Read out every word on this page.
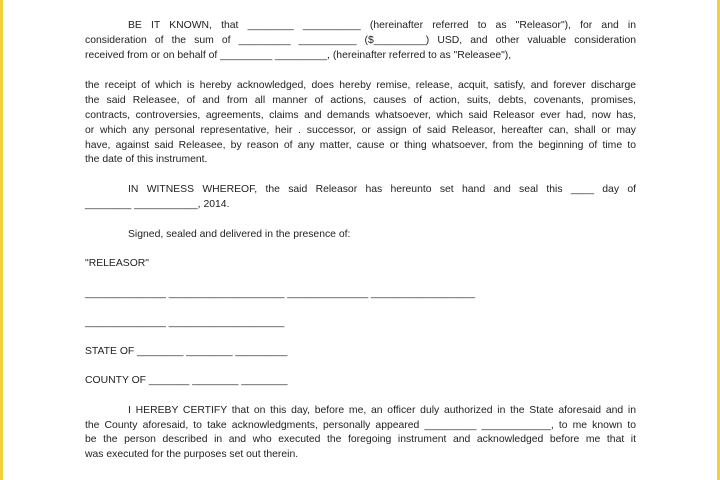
BE IT KNOWN, that ________ __________ (hereinafter referred to as "Releasor"), for and in
consideration of the sum of _________ __________ ($_________) USD, and other valuable consideration
received from or on behalf of _________ _________, (hereinafter referred to as "Releasee"),
the receipt of which is hereby acknowledged, does hereby remise, release, acquit, satisfy, and forever discharge
the said Releasee, of and from all manner of actions, causes of action, suits, debts, covenants, promises,
contracts, controversies, agreements, claims and demands whatsoever, which said Releasor ever had, now has,
or which any personal representative, heir . successor, or assign of said Releasor, hereafter can, shall or may
have, against said Releasee, by reason of any matter, cause or thing whatsoever, from the beginning of time to
the date of this instrument.
IN WITNESS WHEREOF, the said Releasor has hereunto set hand and seal this ____ day of
________ ___________, 2014.
Signed, sealed and delivered in the presence of:
"RELEASOR"
______________ ____________________ ______________ __________________
______________ ____________________
STATE OF ________ ________ _________
COUNTY OF _______ ________ ________
I HEREBY CERTIFY that on this day, before me, an officer duly authorized in the State aforesaid and in
the County aforesaid, to take acknowledgments, personally appeared _________ ____________, to me known to
be the person described in and who executed the foregoing instrument and acknowledged before me that it
was executed for the purposes set out therein.
